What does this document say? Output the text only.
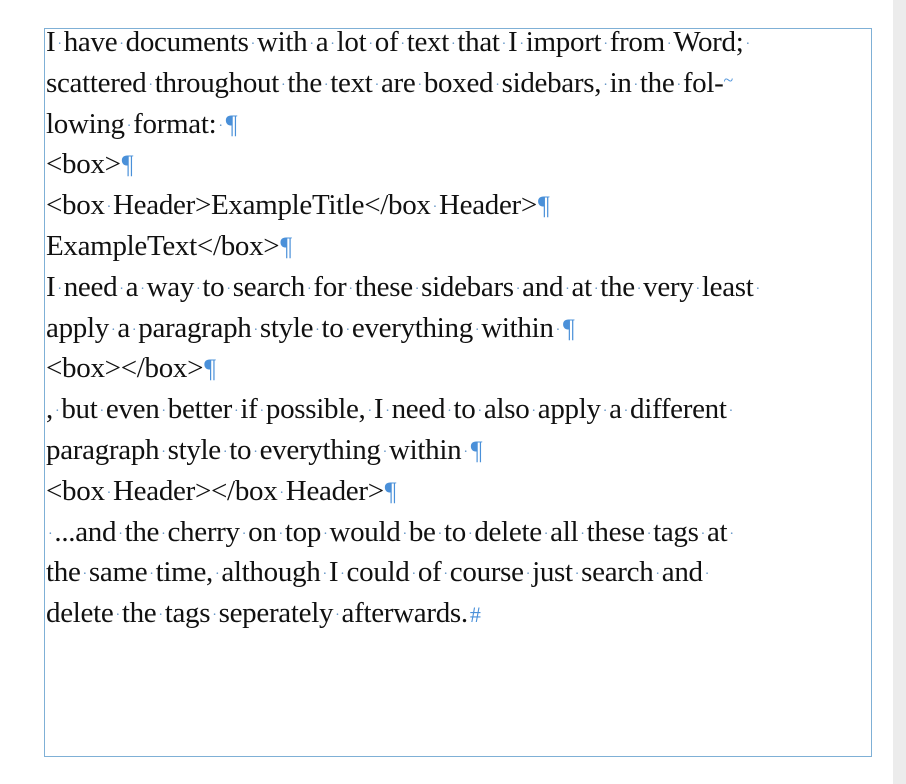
I ·have ·documents ·with ·a ·lot ·of ·text ·that ·I ·import ·from ·Word; ·
scattered ·throughout ·the ·text ·are ·boxed ·sidebars, ·in ·the ·fol-~
lowing ·format: · ¶
<box>¶
<box ·Header>ExampleTitle</box ·Header>¶
ExampleText</box>¶
I ·need ·a ·way ·to ·search ·for ·these ·sidebars ·and ·at ·the ·very ·least ·
apply ·a ·paragraph ·style ·to ·everything ·within · ¶
<box></box>¶
, ·but ·even ·better ·if ·possible, ·I ·need ·to ·also ·apply ·a ·different ·
paragraph ·style ·to ·everything ·within · ¶
<box ·Header></box ·Header>¶
·...and ·the ·cherry ·on ·top ·would ·be ·to ·delete ·all ·these ·tags ·at ·
the ·same ·time, ·although ·I ·could ·of ·course ·just ·search ·and ·
delete ·the ·tags ·seperately ·afterwards.#
